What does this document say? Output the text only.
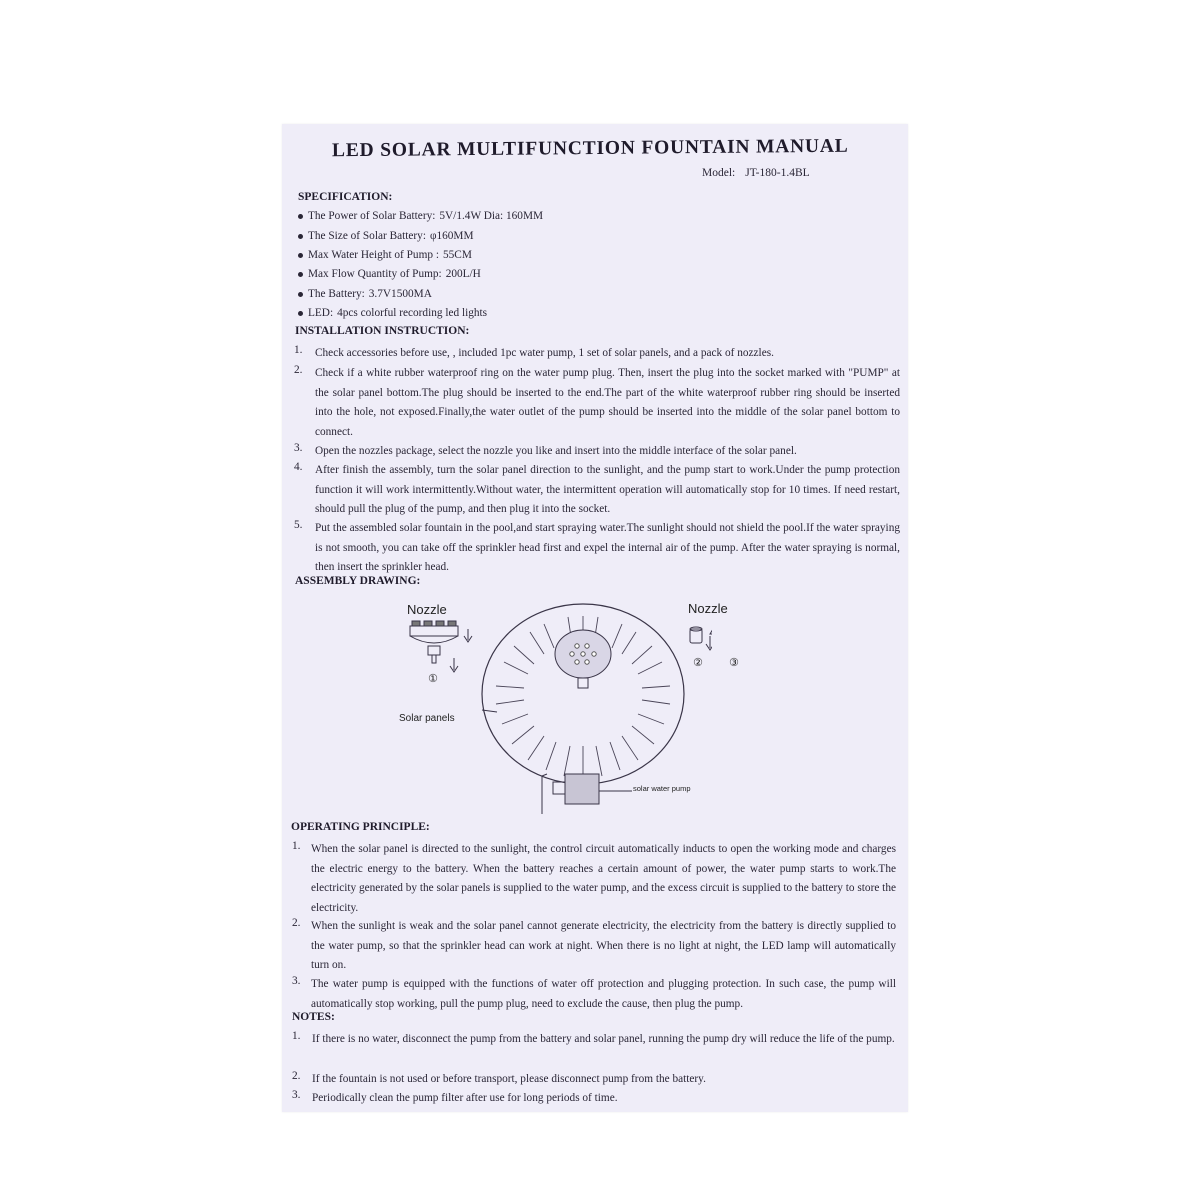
LED SOLAR MULTIFUNCTION FOUNTAIN MANUAL
Model: JT-180-1.4BL
SPECIFICATION:
The Power of Solar Battery: 5V/1.4W Dia: 160MM
The Size of Solar Battery: φ160MM
Max Water Height of Pump : 55CM
Max Flow Quantity of Pump: 200L/H
The Battery: 3.7V1500MA
LED: 4pcs colorful recording led lights
INSTALLATION INSTRUCTION:
1. Check accessories before use, , included 1pc water pump, 1 set of solar panels, and a pack of nozzles.
2. Check if a white rubber waterproof ring on the water pump plug. Then, insert the plug into the socket marked with "PUMP" at the solar panel bottom.The plug should be inserted to the end.The part of the white waterproof rubber ring should be inserted into the hole, not exposed.Finally,the water outlet of the pump should be inserted into the middle of the solar panel bottom to connect.
3. Open the nozzles package, select the nozzle you like and insert into the middle interface of the solar panel.
4. After finish the assembly, turn the solar panel direction to the sunlight, and the pump start to work.Under the pump protection function it will work intermittently.Without water, the intermittent operation will automatically stop for 10 times. If need restart, should pull the plug of the pump, and then plug it into the socket.
5. Put the assembled solar fountain in the pool,and start spraying water.The sunlight should not shield the pool.If the water spraying is not smooth, you can take off the sprinkler head first and expel the internal air of the pump. After the water spraying is normal, then insert the sprinkler head.
ASSEMBLY DRAWING:
Nozzle	Nozzle
①
② ③
Solar panels
solar water pump
OPERATING PRINCIPLE:
1. When the solar panel is directed to the sunlight, the control circuit automatically inducts to open the working mode and charges the electric energy to the battery. When the battery reaches a certain amount of power, the water pump starts to work.The electricity generated by the solar panels is supplied to the water pump, and the excess circuit is supplied to the battery to store the electricity.
2. When the sunlight is weak and the solar panel cannot generate electricity, the electricity from the battery is directly supplied to the water pump, so that the sprinkler head can work at night. When there is no light at night, the LED lamp will automatically turn on.
3. The water pump is equipped with the functions of water off protection and plugging protection. In such case, the pump will automatically stop working, pull the pump plug, need to exclude the cause, then plug the pump.
NOTES:
1. If there is no water, disconnect the pump from the battery and solar panel, running the pump dry will reduce the life of the pump.
2. If the fountain is not used or before transport, please disconnect pump from the battery.
3. Periodically clean the pump filter after use for long periods of time.
